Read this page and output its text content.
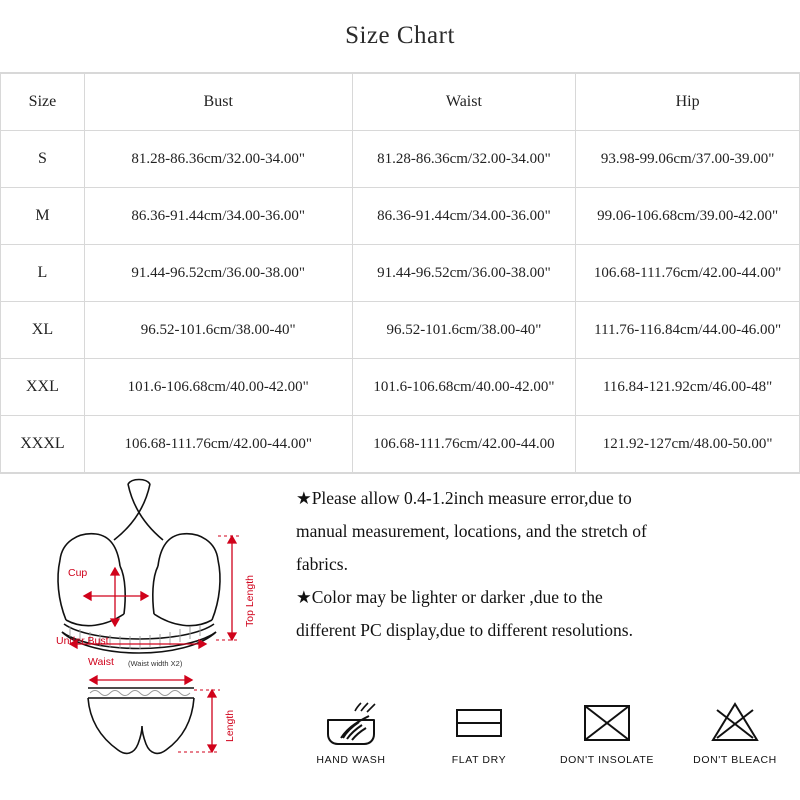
Size Chart
Size	Bust	Waist	Hip
S	81.28-86.36cm/32.00-34.00"	81.28-86.36cm/32.00-34.00"	93.98-99.06cm/37.00-39.00"
M	86.36-91.44cm/34.00-36.00"	86.36-91.44cm/34.00-36.00"	99.06-106.68cm/39.00-42.00"
L	91.44-96.52cm/36.00-38.00"	91.44-96.52cm/36.00-38.00"	106.68-111.76cm/42.00-44.00"
XL	96.52-101.6cm/38.00-40"	96.52-101.6cm/38.00-40"	111.76-116.84cm/44.00-46.00"
XXL	101.6-106.68cm/40.00-42.00"	101.6-106.68cm/40.00-42.00"	116.84-121.92cm/46.00-48"
XXXL	106.68-111.76cm/42.00-44.00"	106.68-111.76cm/42.00-44.00	121.92-127cm/48.00-50.00"
Cup
Under Bust
Top Length
Waist (Waist width X2)
Length
★Please allow 0.4-1.2inch measure error,due to
manual measurement, locations, and the stretch of
fabrics.
★Color may be lighter or darker ,due to the
different PC display,due to different resolutions.
HAND WASH	FLAT DRY	DON'T INSOLATE	DON'T BLEACH
